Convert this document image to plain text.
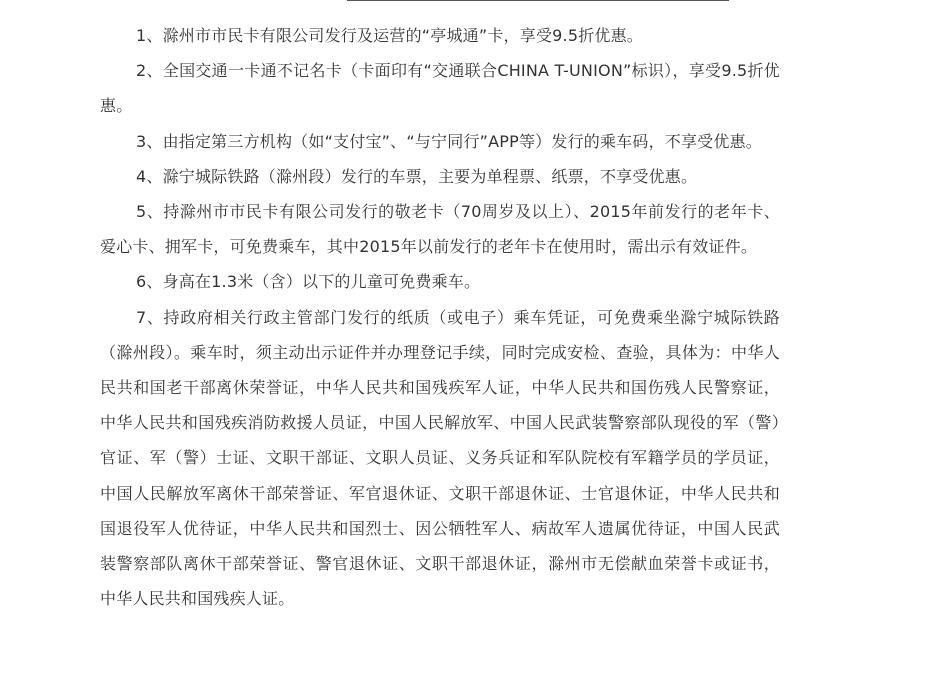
1、滁州市市民卡有限公司发行及运营的“亭城通”卡，享受9.5折优惠。

2、全国交通一卡通不记名卡（卡面印有“交通联合CHINA T-UNION”标识），享受9.5折优惠。

3、由指定第三方机构（如“支付宝”、“与宁同行”APP等）发行的乘车码，不享受优惠。

4、滁宁城际铁路（滁州段）发行的车票，主要为单程票、纸票，不享受优惠。

5、持滁州市市民卡有限公司发行的敬老卡（70周岁及以上）、2015年前发行的老年卡、爱心卡、拥军卡，可免费乘车，其中2015年以前发行的老年卡在使用时，需出示有效证件。

6、身高在1.3米（含）以下的儿童可免费乘车。

7、持政府相关行政主管部门发行的纸质（或电子）乘车凭证，可免费乘坐滁宁城际铁路（滁州段）。乘车时，须主动出示证件并办理登记手续，同时完成安检、查验，具体为：中华人民共和国老干部离休荣誉证，中华人民共和国残疾军人证，中华人民共和国伤残人民警察证，中华人民共和国残疾消防救援人员证，中国人民解放军、中国人民武装警察部队现役的军（警）官证、军（警）士证、文职干部证、文职人员证、义务兵证和军队院校有军籍学员的学员证，中国人民解放军离休干部荣誉证、军官退休证、文职干部退休证、士官退休证，中华人民共和国退役军人优待证，中华人民共和国烈士、因公牺牲军人、病故军人遗属优待证，中国人民武装警察部队离休干部荣誉证、警官退休证、文职干部退休证，滁州市无偿献血荣誉卡或证书，中华人民共和国残疾人证。
